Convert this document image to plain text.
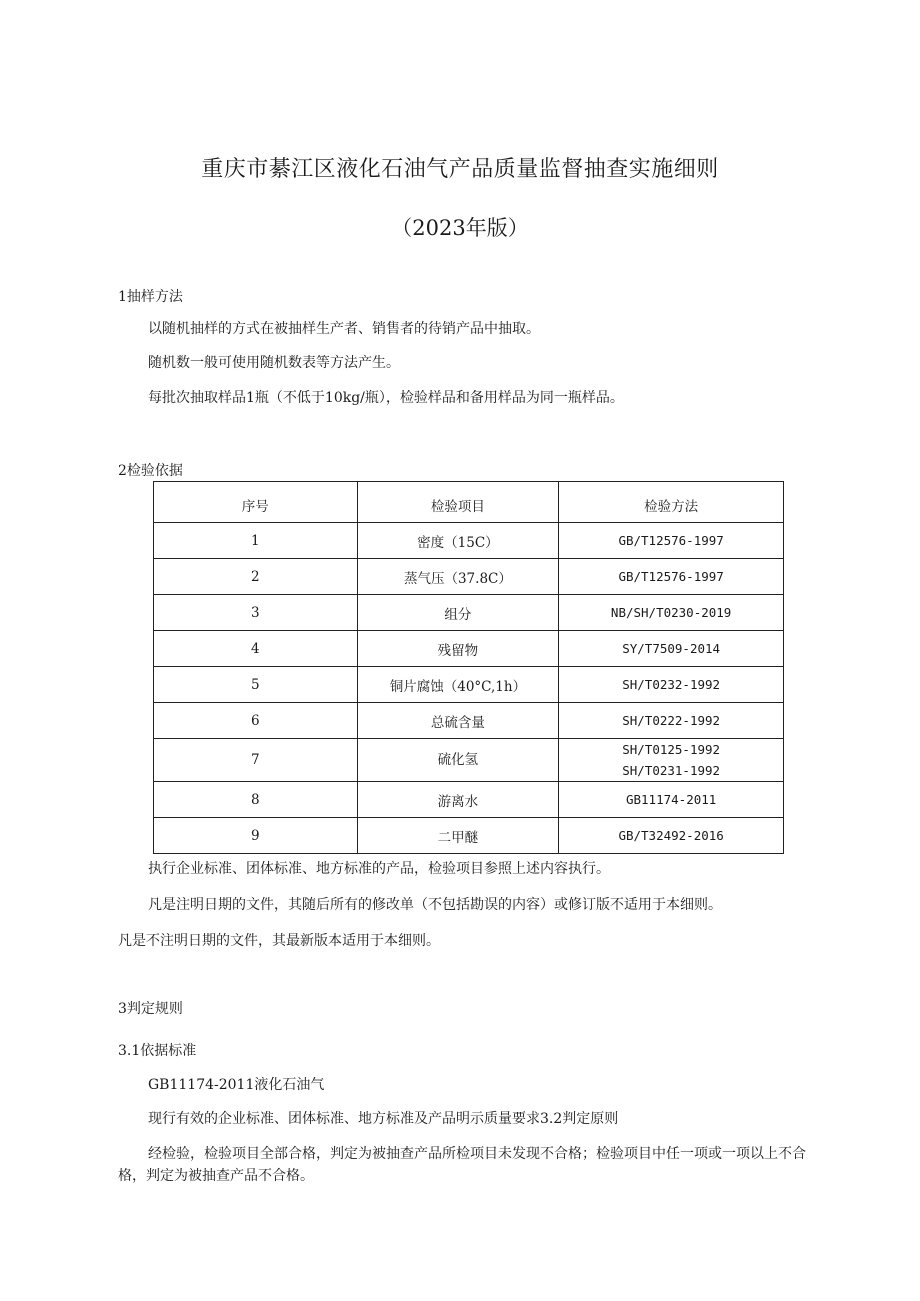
重庆市綦江区液化石油气产品质量监督抽查实施细则
（2023年版）
1抽样方法
以随机抽样的方式在被抽样生产者、销售者的待销产品中抽取。
随机数一般可使用随机数表等方法产生。
每批次抽取样品1瓶（不低于10kg/瓶），检验样品和备用样品为同一瓶样品。
2检验依据
序号	检验项目	检验方法
1	密度（15C）	GB/T12576-1997
2	蒸气压（37.8C）	GB/T12576-1997
3	组分	NB/SH/T0230-2019
4	残留物	SY/T7509-2014
5	铜片腐蚀（40°C,1h）	SH/T0232-1992
6	总硫含量	SH/T0222-1992
7	硫化氢	SH/T0125-1992
SH/T0231-1992

8	游离水	GB11174-2011
9	二甲醚	GB/T32492-2016
执行企业标准、团体标准、地方标准的产品，检验项目参照上述内容执行。
凡是注明日期的文件，其随后所有的修改单（不包括勘误的内容）或修订版不适用于本细则。
凡是不注明日期的文件，其最新版本适用于本细则。
3判定规则
3.1依据标准
GB11174-2011液化石油气
现行有效的企业标准、团体标准、地方标准及产品明示质量要求3.2判定原则
经检验，检验项目全部合格，判定为被抽查产品所检项目未发现不合格；检验项目中任一项或一项以上不合格，判定为被抽查产品不合格。
